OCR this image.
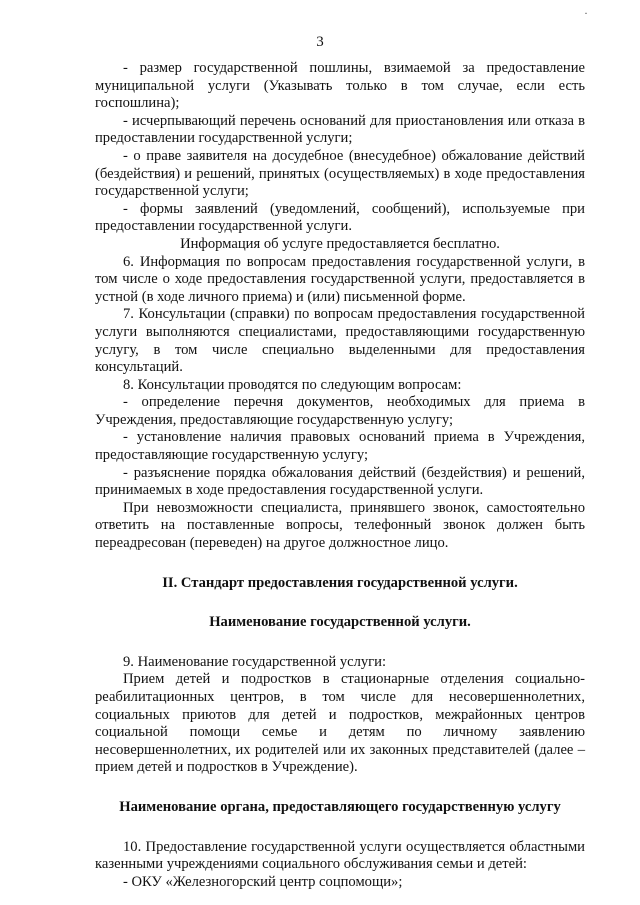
·
3

- размер государственной пошлины, взимаемой за предоставление муниципальной услуги (Указывать только в том случае, если есть госпошлина);

- исчерпывающий перечень оснований для приостановления или отказа в предоставлении государственной услуги;

- о праве заявителя на досудебное (внесудебное) обжалование действий (бездействия) и решений, принятых (осуществляемых) в ходе предоставления государственной услуги;

- формы заявлений (уведомлений, сообщений), используемые при предоставлении государственной услуги.

Информация об услуге предоставляется бесплатно.

6. Информация по вопросам предоставления государственной услуги, в том числе о ходе предоставления государственной услуги, предоставляется в устной (в ходе личного приема) и (или) письменной форме.

7. Консультации (справки) по вопросам предоставления государственной услуги выполняются специалистами, предоставляющими государственную услугу, в том числе специально выделенными для предоставления консультаций.

8. Консультации проводятся по следующим вопросам:

- определение перечня документов, необходимых для приема в Учреждения, предоставляющие государственную услугу;

- установление наличия правовых оснований приема в Учреждения, предоставляющие государственную услугу;

- разъяснение порядка обжалования действий (бездействия) и решений, принимаемых в ходе предоставления государственной услуги.

При невозможности специалиста, принявшего звонок, самостоятельно ответить на поставленные вопросы, телефонный звонок должен быть переадресован (переведен) на другое должностное лицо.

II. Стандарт предоставления государственной услуги.

Наименование государственной услуги.

9. Наименование государственной услуги:

Прием детей и подростков в стационарные отделения социально-реабилитационных центров, в том числе для несовершеннолетних, социальных приютов для детей и подростков, межрайонных центров социальной помощи семье и детям по личному заявлению несовершеннолетних, их родителей или их законных представителей (далее – прием детей и подростков в Учреждение).

Наименование органа, предоставляющего государственную услугу

10. Предоставление государственной услуги осуществляется областными казенными учреждениями социального обслуживания семьи и детей:

- ОКУ «Железногорский центр соцпомощи»;
